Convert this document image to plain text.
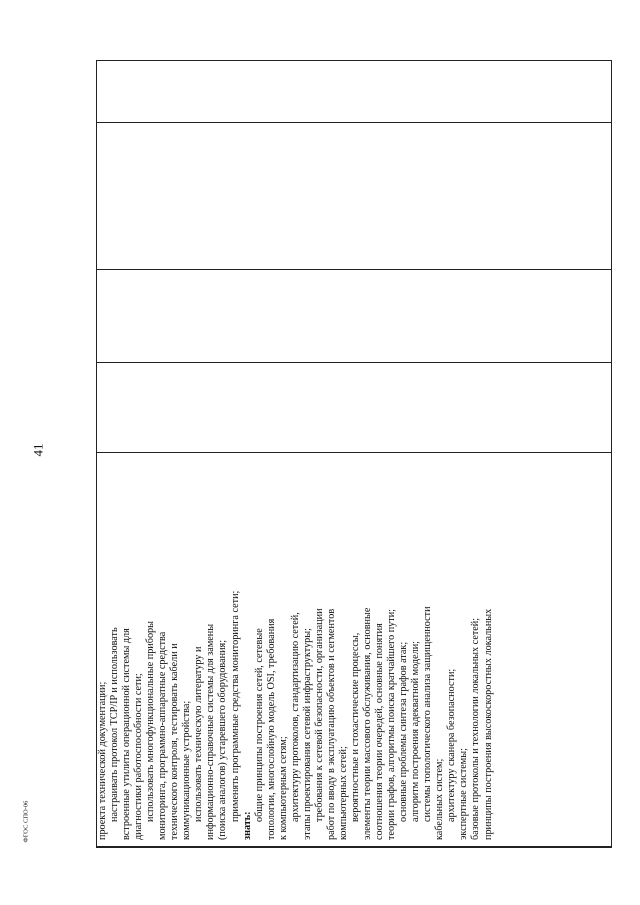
41
проекта технической документации; настраивать протокол TCP/IP и использовать встроенные утилиты операционной системы для диагностики работоспособности сети; использовать многофункциональные приборы мониторинга, программно-аппаратные средства технического контроля, тестировать кабели и коммуникационные устройства; использовать техническую литературу и информационно-справочные системы для замены (поиска аналогов) устаревшего оборудования; применять программные средства мониторинга сети;
знать:
общие принципы построения сетей, сетевые топологии, многослойную модель OSI, требования к компьютерным сетям; архитектуру протоколов, стандартизацию сетей, этапы проектирования сетевой инфраструктуры; требования к сетевой безопасности, организации работ по вводу в эксплуатацию объектов и сегментов компьютерных сетей; вероятностные и стохастические процессы, элементы теории массового обслуживания, основные соотношения теории очередей, основные понятия теории графов, алгоритмы поиска кратчайшего пути; основные проблемы синтеза графов атак; алгоритм построения адекватной модели; системы топологического анализа защищенности кабельных систем; архитектуру сканера безопасности; экспертные системы; базовые протоколы и технологии локальных сетей; принципы построения высокоскоростных локальных
ФГОС СПО-06
